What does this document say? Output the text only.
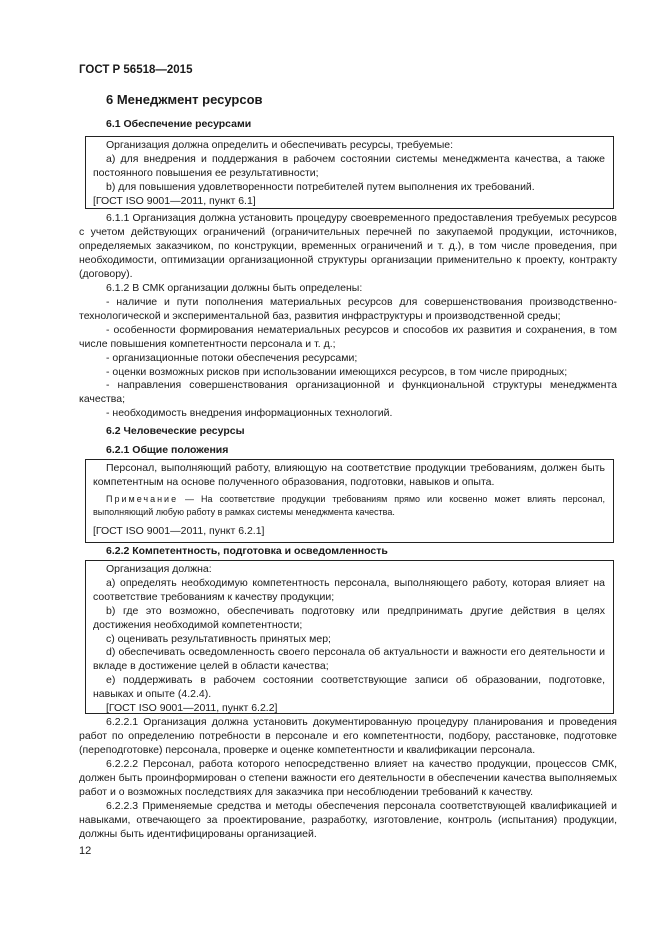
ГОСТ Р 56518—2015
6 Менеджмент ресурсов
6.1 Обеспечение ресурсами

Организация должна определить и обеспечивать ресурсы, требуемые:
а) для внедрения и поддержания в рабочем состоянии системы менеджмента качества, а также постоянного повышения ее результативности;
b) для повышения удовлетворенности потребителей путем выполнения их требований.
[ГОСТ ISO 9001—2011, пункт 6.1]

6.1.1 Организация должна установить процедуру своевременного предоставления требуемых ресурсов с учетом действующих ограничений (ограничительных перечней по закупаемой продукции, источников, определяемых заказчиком, по конструкции, временных ограничений и т. д.), в том числе проведения, при необходимости, оптимизации организационной структуры организации применительно к проекту, контракту (договору).

6.1.2 В СМК организации должны быть определены:

- наличие и пути пополнения материальных ресурсов для совершенствования производственно-технологической и экспериментальной баз, развития инфраструктуры и производственной среды;
- особенности формирования нематериальных ресурсов и способов их развития и сохранения, в том числе повышения компетентности персонала и т. д.;
- организационные потоки обеспечения ресурсами;
- оценки возможных рисков при использовании имеющихся ресурсов, в том числе природных;
- направления совершенствования организационной и функциональной структуры менеджмента качества;
- необходимость внедрения информационных технологий.

6.2 Человеческие ресурсы
6.2.1 Общие положения

Персонал, выполняющий работу, влияющую на соответствие продукции требованиям, должен быть компетентным на основе полученного образования, подготовки, навыков и опыта.

Примечание — На соответствие продукции требованиям прямо или косвенно может влиять персонал, выполняющий любую работу в рамках системы менеджмента качества.

[ГОСТ ISO 9001—2011, пункт 6.2.1]

6.2.2 Компетентность, подготовка и осведомленность

Организация должна:
a) определять необходимую компетентность персонала, выполняющего работу, которая влияет на соответствие требованиям к качеству продукции;
b) где это возможно, обеспечивать подготовку или предпринимать другие действия в целях достижения необходимой компетентности;
c) оценивать результативность принятых мер;
d) обеспечивать осведомленность своего персонала об актуальности и важности его деятельности и вкладе в достижение целей в области качества;
e) поддерживать в рабочем состоянии соответствующие записи об образовании, подготовке, навыках и опыте (4.2.4).
[ГОСТ ISO 9001—2011, пункт 6.2.2]

6.2.2.1 Организация должна установить документированную процедуру планирования и проведения работ по определению потребности в персонале и его компетентности, подбору, расстановке, подготовке (переподготовке) персонала, проверке и оценке компетентности и квалификации персонала.

6.2.2.2 Персонал, работа которого непосредственно влияет на качество продукции, процессов СМК, должен быть проинформирован о степени важности его деятельности в обеспечении качества выполняемых работ и о возможных последствиях для заказчика при несоблюдении требований к качеству.

6.2.2.3 Применяемые средства и методы обеспечения персонала соответствующей квалификацией и навыками, отвечающего за проектирование, разработку, изготовление, контроль (испытания) продукции, должны быть идентифицированы организацией.

12
